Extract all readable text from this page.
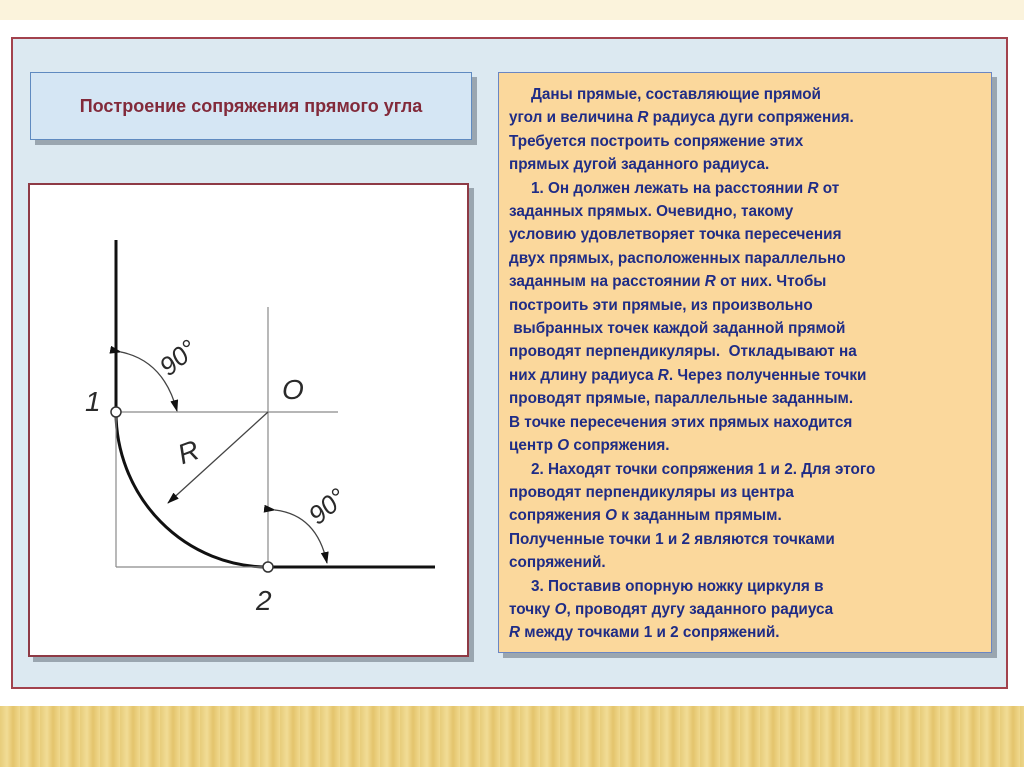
Построение сопряжения прямого угла
1
2
O
R
90°
90°

Даны прямые, составляющие прямой

угол и величина R радиуса дуги сопряжения.

Требуется построить сопряжение этих

прямых дугой заданного радиуса.

1. Он должен лежать на расстоянии R от

заданных прямых. Очевидно, такому

условию удовлетворяет точка пересечения

двух прямых, расположенных параллельно

заданным на расстоянии R от них. Чтобы

построить эти прямые, из произвольно

выбранных точек каждой заданной прямой

проводят перпендикуляры.  Откладывают на

них длину радиуса R. Через полученные точки

проводят прямые, параллельные заданным.

В точке пересечения этих прямых находится

центр О сопряжения.

2. Находят точки сопряжения 1 и 2. Для этого

проводят перпендикуляры из центра

сопряжения О к заданным прямым.

Полученные точки 1 и 2 являются точками

сопряжений.

3. Поставив опорную ножку циркуля в

точку О, проводят дугу заданного радиуса

R между точками 1 и 2 сопряжений.
